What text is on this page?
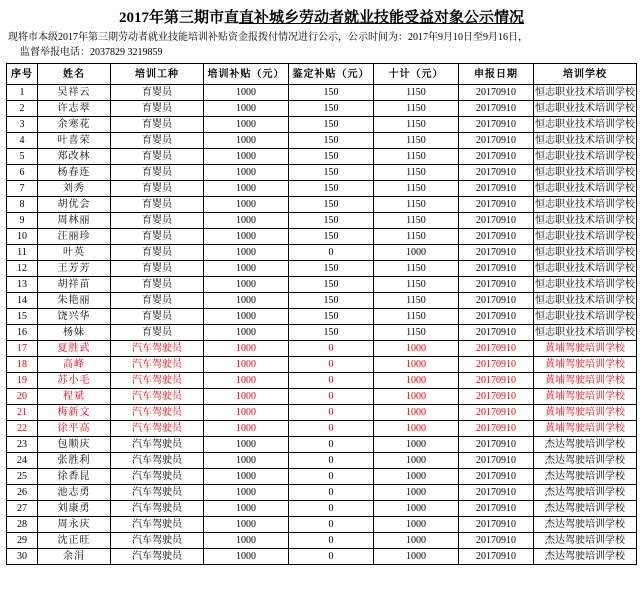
2017年第三期市直直补城乡劳动者就业技能受益对象公示情况
现将市本级2017年第三期劳动者就业技能培训补贴资金报拨付情况进行公示，公示时间为：2017年9月10日至9月16日，
监督举报电话：2037829 3219859
序号	姓名	培训工种	培训补贴（元）	鉴定补贴（元）	十计（元）	申报日期	培训学校
1	吴祥云	育婴员	1000	150	1150	20170910	恒志职业技术培训学校
2	许志翠	育婴员	1000	150	1150	20170910	恒志职业技术培训学校
3	余寒花	育婴员	1000	150	1150	20170910	恒志职业技术培训学校
4	叶喜荣	育婴员	1000	150	1150	20170910	恒志职业技术培训学校
5	郑改林	育婴员	1000	150	1150	20170910	恒志职业技术培训学校
6	杨春连	育婴员	1000	150	1150	20170910	恒志职业技术培训学校
7	刘秀	育婴员	1000	150	1150	20170910	恒志职业技术培训学校
8	胡优会	育婴员	1000	150	1150	20170910	恒志职业技术培训学校
9	周林丽	育婴员	1000	150	1150	20170910	恒志职业技术培训学校
10	汪丽珍	育婴员	1000	150	1150	20170910	恒志职业技术培训学校
11	叶英	育婴员	1000	0	1000	20170910	恒志职业技术培训学校
12	王芳芳	育婴员	1000	150	1150	20170910	恒志职业技术培训学校
13	胡祥苗	育婴员	1000	150	1150	20170910	恒志职业技术培训学校
14	朱艳丽	育婴员	1000	150	1150	20170910	恒志职业技术培训学校
15	饶兴华	育婴员	1000	150	1150	20170910	恒志职业技术培训学校
16	杨妹	育婴员	1000	150	1150	20170910	恒志职业技术培训学校
17	夏胜武	汽车驾驶员	1000	0	1000	20170910	黄埔驾驶培训学校
18	高峰	汽车驾驶员	1000	0	1000	20170910	黄埔驾驶培训学校
19	苏小毛	汽车驾驶员	1000	0	1000	20170910	黄埔驾驶培训学校
20	程斌	汽车驾驶员	1000	0	1000	20170910	黄埔驾驶培训学校
21	梅新文	汽车驾驶员	1000	0	1000	20170910	黄埔驾驶培训学校
22	徐平高	汽车驾驶员	1000	0	1000	20170910	黄埔驾驶培训学校
23	包顺庆	汽车驾驶员	1000	0	1000	20170910	杰达驾驶培训学校
24	张胜利	汽车驾驶员	1000	0	1000	20170910	杰达驾驶培训学校
25	徐香昆	汽车驾驶员	1000	0	1000	20170910	杰达驾驶培训学校
26	池志勇	汽车驾驶员	1000	0	1000	20170910	杰达驾驶培训学校
27	刘康勇	汽车驾驶员	1000	0	1000	20170910	杰达驾驶培训学校
28	周永庆	汽车驾驶员	1000	0	1000	20170910	杰达驾驶培训学校
29	沈正旺	汽车驾驶员	1000	0	1000	20170910	杰达驾驶培训学校
30	余涓	汽车驾驶员	1000	0	1000	20170910	杰达驾驶培训学校
